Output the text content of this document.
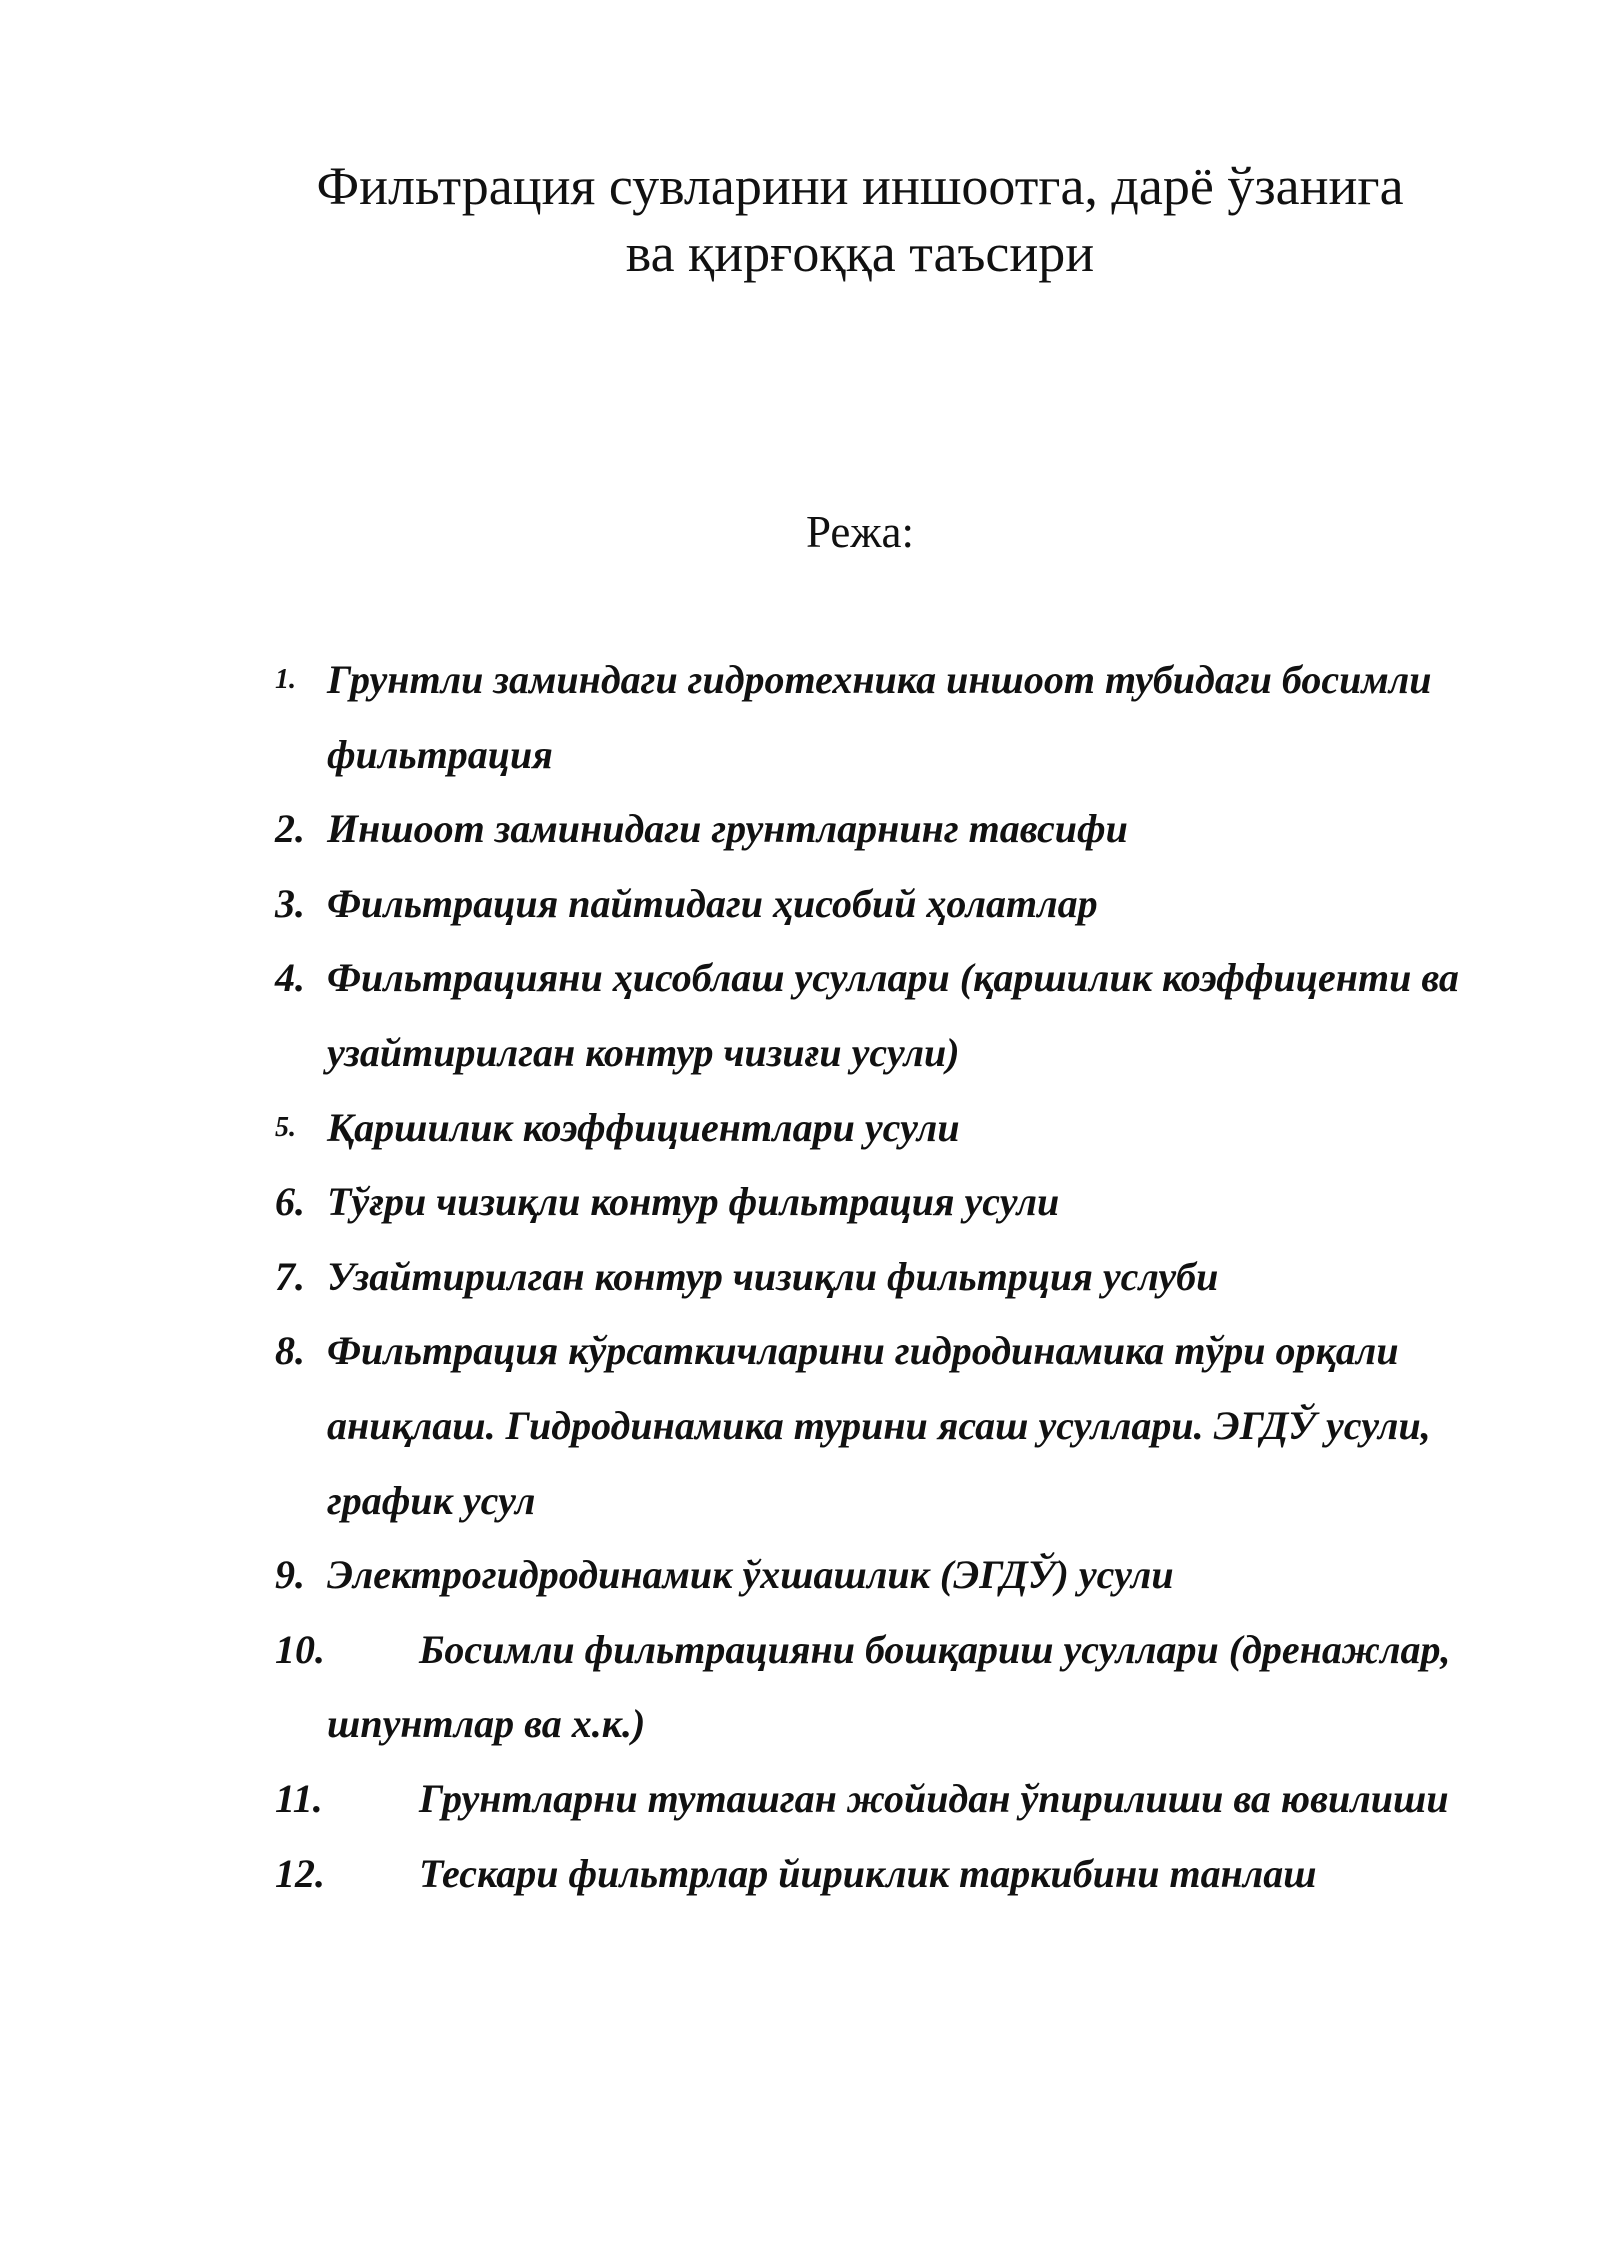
Фильтрация сувларини иншоотга, дарё ўзанига
ва қирғоққа таъсири
Режа:
1. Грунтли заминдаги гидротехника иншоот тубидаги босимли фильтрация
2. Иншоот заминидаги грунтларнинг тавсифи
3. Фильтрация пайтидаги ҳисобий ҳолатлар
4. Фильтрацияни ҳисоблаш усуллари (қаршилик коэффиценти ва узайтирилган контур чизиғи усули)
5. Қаршилик коэффициентлари усули
6. Тўғри чизиқли контур фильтрация усули
7. Узайтирилган контур чизиқли фильтрция услуби
8. Фильтрация кўрсаткичларини гидродинамика тўри орқали аниқлаш. Гидродинамика турини ясаш усуллари. ЭГДЎ усули, график усул
9. Электрогидродинамик ўхшашлик (ЭГДЎ) усули
10. Босимли фильтрацияни бошқариш усуллари (дренажлар, шпунтлар ва х.к.)
11. Грунтларни туташган жойидан ўпирилиши ва ювилиши
12. Тескари фильтрлар йириклик таркибини танлаш
